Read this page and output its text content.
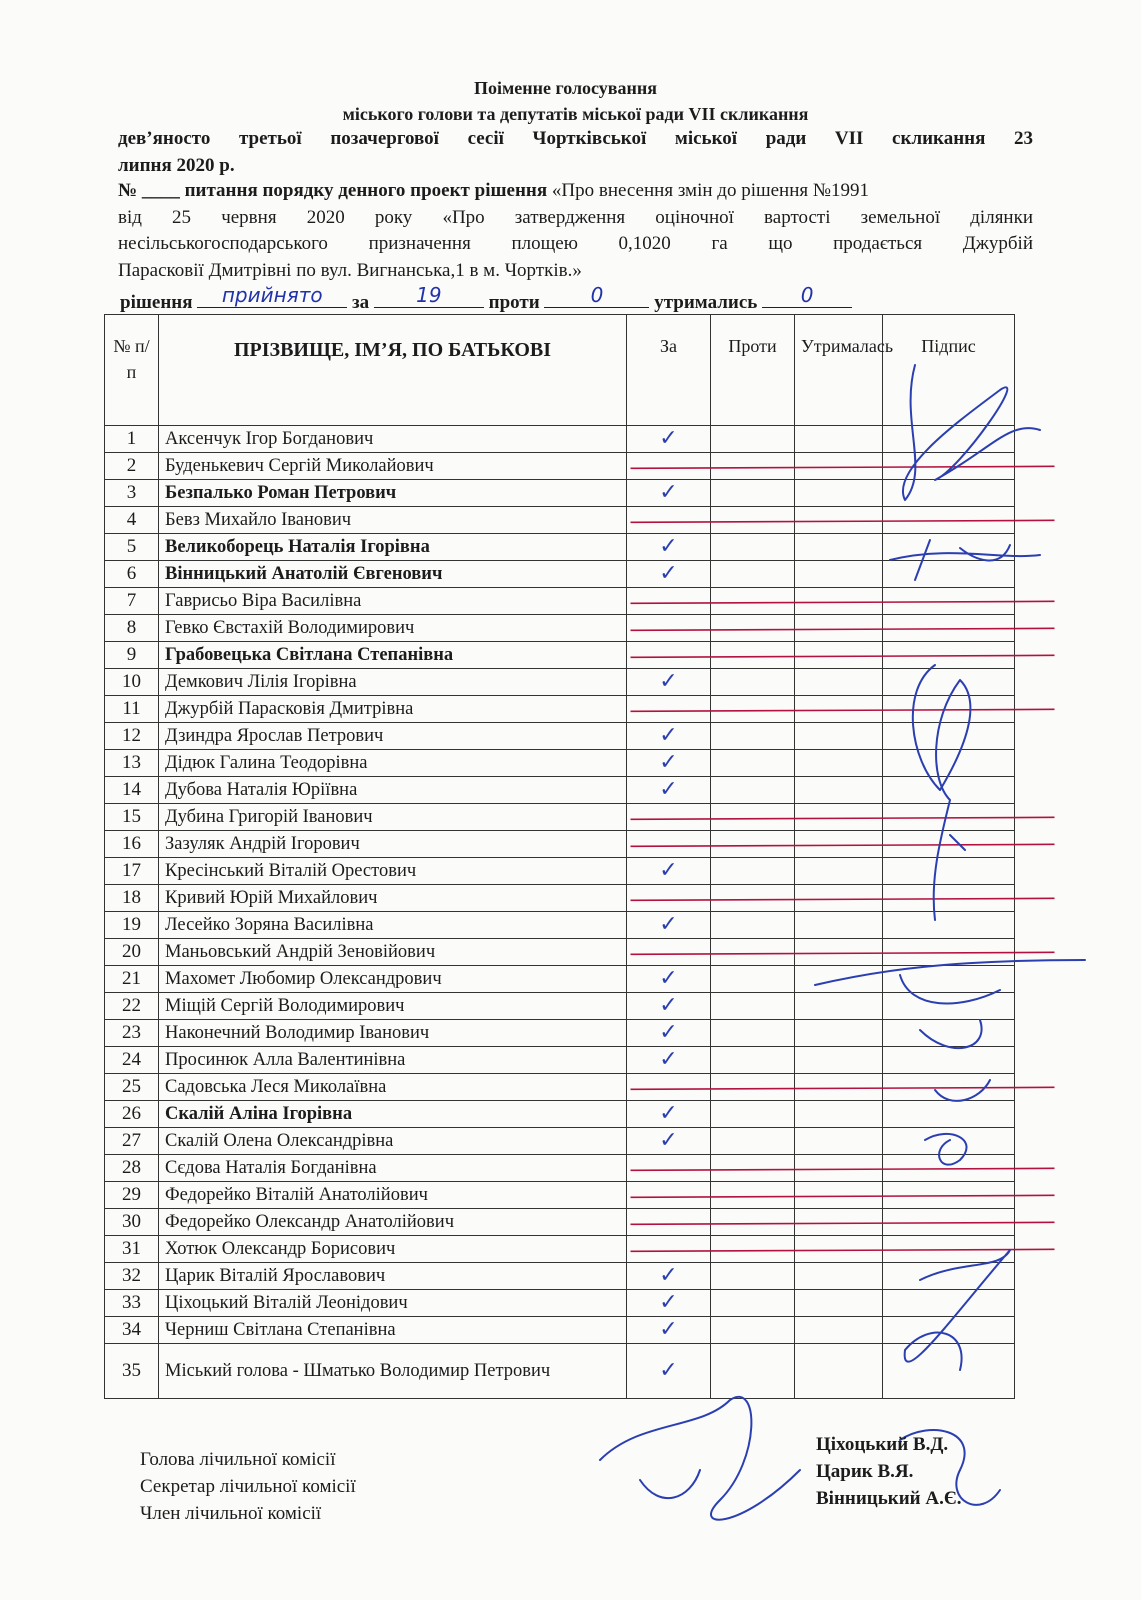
Поіменне голосування
міського голови та депутатів міської ради VII скликання
дев’яносто третьої позачергової сесії Чортківської міської ради VII скликання 23
липня 2020 р.
№ ____ питання порядку денного проект рішення «Про внесення змін до рішення №1991
від 25 червня 2020 року «Про затвердження оціночної вартості земельної ділянки
несільськогосподарського призначення площею 0,1020 га що продається Джурбій
Парасковії Дмитрівні по вул. Вигнанська,1 в м. Чортків.»
рішення прийнято за 19 проти	0	утримались 0
№ п/п	ПРІЗВИЩЕ, ІМ’Я, ПО БАТЬКОВІ	За	Проти	Утрималась	Підпис
1	Аксенчук Ігор Богданович	✓			
2	Буденькевич Сергій Миколайович				
3	Безпалько Роман Петрович	✓			
4	Бевз Михайло Іванович				
5	Великоборець Наталія Ігорівна	✓			
6	Вінницький Анатолій Євгенович	✓			
7	Гаврисьо Віра Василівна				
8	Гевко Євстахій Володимирович				
9	Грабовецька Світлана Степанівна				
10	Демкович Лілія Ігорівна	✓			
11	Джурбій Парасковія Дмитрівна				
12	Дзиндра Ярослав Петрович	✓			
13	Дідюк Галина Теодорівна	✓			
14	Дубова Наталія Юріївна	✓			
15	Дубина Григорій Іванович				
16	Зазуляк Андрій Ігорович				
17	Кресінський Віталій Орестович	✓			
18	Кривий Юрій Михайлович				
19	Лесейко Зоряна Василівна	✓			
20	Маньовський Андрій Зеновійович				
21	Махомет Любомир Олександрович	✓			
22	Міщій Сергій Володимирович	✓			
23	Наконечний Володимир Іванович	✓			
24	Просинюк Алла Валентинівна	✓			
25	Садовська Леся Миколаївна				
26	Скалій Аліна Ігорівна	✓			
27	Скалій Олена Олександрівна	✓			
28	Сєдова Наталія Богданівна				
29	Федорейко Віталій Анатолійович				
30	Федорейко Олександр Анатолійович				
31	Хотюк Олександр Борисович				
32	Царик Віталій Ярославович	✓			
33	Ціхоцький Віталій Леонідович	✓			
34	Черниш Світлана Степанівна	✓			
35	Міський голова - Шматько Володимир Петрович	✓			
Голова лічильної комісії
Секретар лічильної комісії
Член лічильної комісії
Ціхоцький В.Д.
Царик В.Я.
Вінницький А.Є.
